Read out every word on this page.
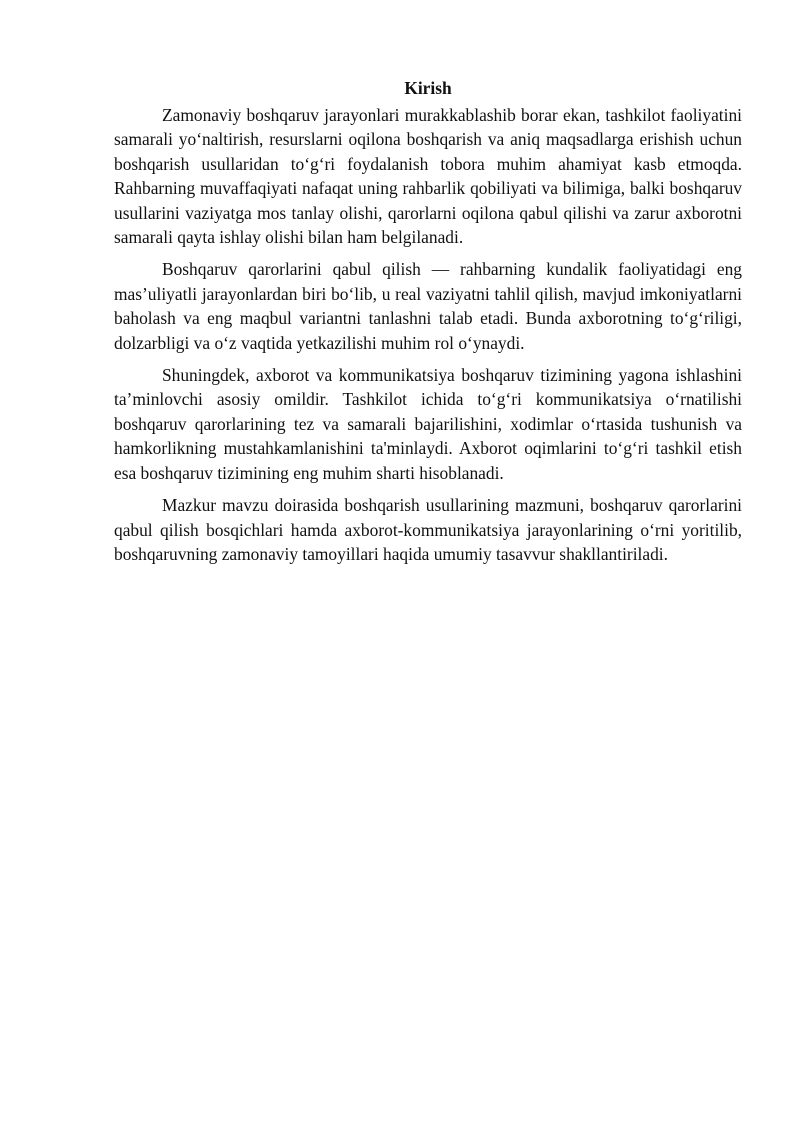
Kirish

Zamonaviy boshqaruv jarayonlari murakkablashib borar ekan, tashkilot faoliyatini samarali yo‘naltirish, resurslarni oqilona boshqarish va aniq maqsadlarga erishish uchun boshqarish usullaridan to‘g‘ri foydalanish tobora muhim ahamiyat kasb etmoqda. Rahbarning muvaffaqiyati nafaqat uning rahbarlik qobiliyati va bilimiga, balki boshqaruv usullarini vaziyatga mos tanlay olishi, qarorlarni oqilona qabul qilishi va zarur axborotni samarali qayta ishlay olishi bilan ham belgilanadi.

Boshqaruv qarorlarini qabul qilish — rahbarning kundalik faoliyatidagi eng mas’uliyatli jarayonlardan biri bo‘lib, u real vaziyatni tahlil qilish, mavjud imkoniyatlarni baholash va eng maqbul variantni tanlashni talab etadi. Bunda axborotning to‘g‘riligi, dolzarbligi va o‘z vaqtida yetkazilishi muhim rol o‘ynaydi.

Shuningdek, axborot va kommunikatsiya boshqaruv tizimining yagona ishlashini ta’minlovchi asosiy omildir. Tashkilot ichida to‘g‘ri kommunikatsiya o‘rnatilishi boshqaruv qarorlarining tez va samarali bajarilishini, xodimlar o‘rtasida tushunish va hamkorlikning mustahkamlanishini ta'minlaydi. Axborot oqimlarini to‘g‘ri tashkil etish esa boshqaruv tizimining eng muhim sharti hisoblanadi.

Mazkur mavzu doirasida boshqarish usullarining mazmuni, boshqaruv qarorlarini qabul qilish bosqichlari hamda axborot-kommunikatsiya jarayonlarining o‘rni yoritilib, boshqaruvning zamonaviy tamoyillari haqida umumiy tasavvur shakllantiriladi.
